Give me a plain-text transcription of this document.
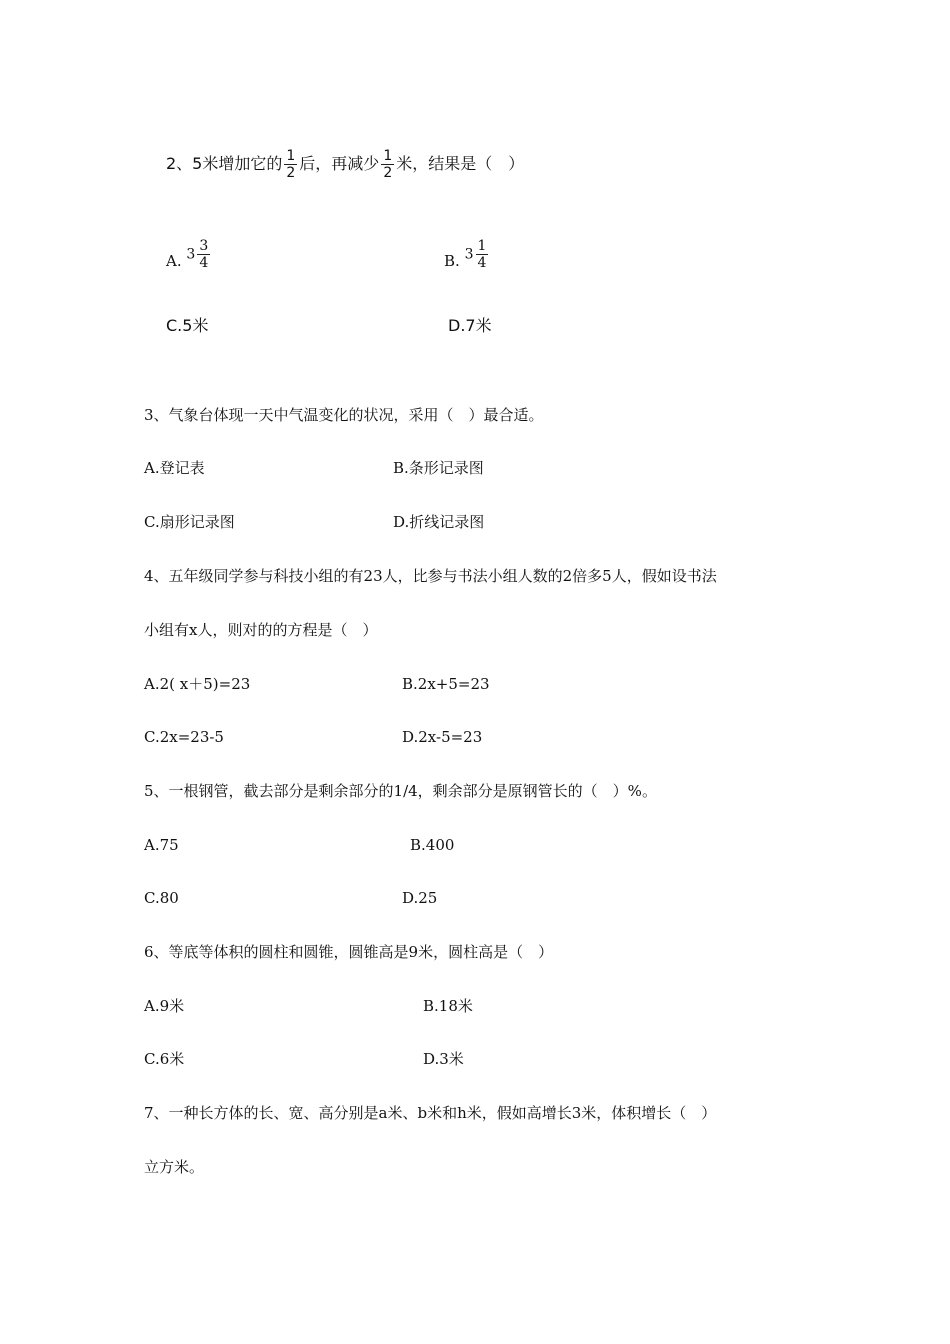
2、5米增加它的 $\frac{1}{2}$ 后，再减少 $\frac{1}{2}$ 米，结果是（　）
A. $3 \frac{3}{4}$	B. $3 \frac{1}{4}$
C.5米	D.7米
3、气象台体现一天中气温变化的状况，采用（　）最合适。
A.登记表	B.条形记录图
C.扇形记录图	D.折线记录图
4、五年级同学参与科技小组的有23人，比参与书法小组人数的2倍多5人，假如设书法
小组有x人，则对的的方程是（　）
A.2( x＋5)=23	B.2x+5=23
C.2x=23-5	D.2x-5=23
5、一根钢管，截去部分是剩余部分的1/4，剩余部分是原钢管长的（　）%。
A.75	B.400
C.80	D.25
6、等底等体积的圆柱和圆锥，圆锥高是9米，圆柱高是（　）
A.9米	B.18米
C.6米	D.3米
7、一种长方体的长、宽、高分别是a米、b米和h米，假如高增长3米，体积增长（　）
立方米。
